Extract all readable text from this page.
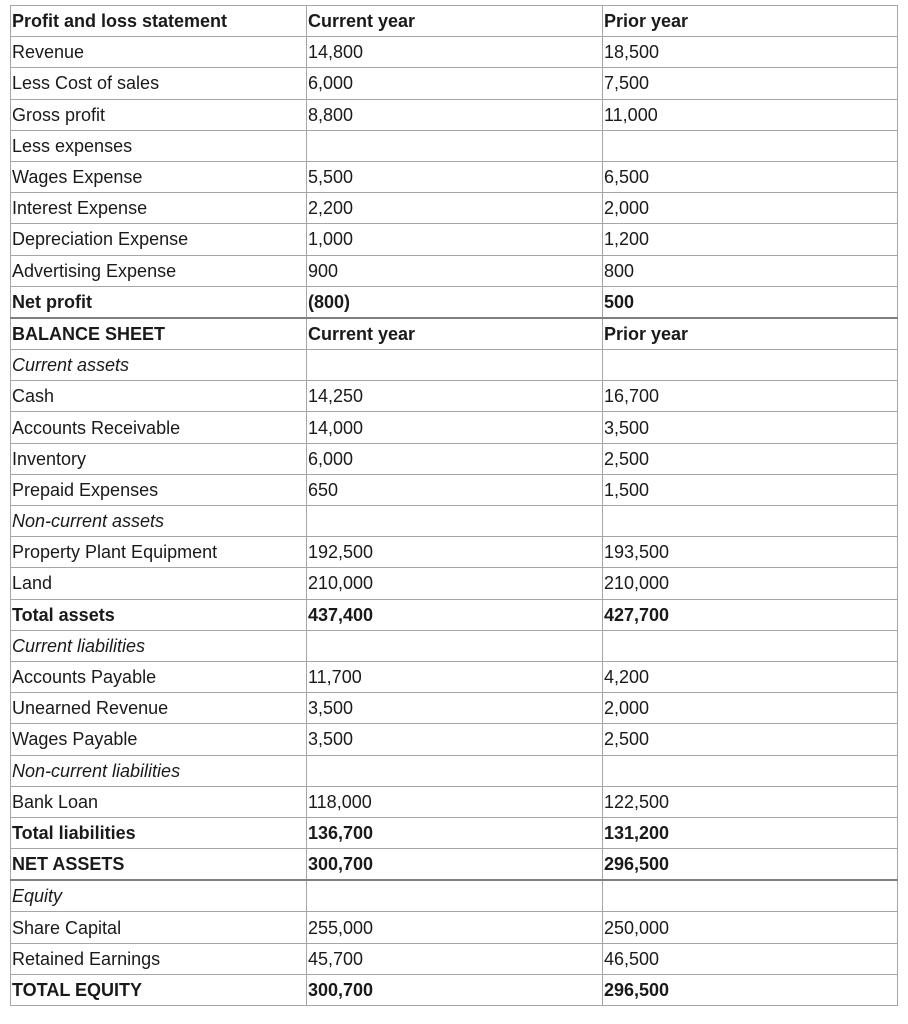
Profit and loss statement	Current year	Prior year
Revenue	14,800	18,500
Less Cost of sales	6,000	7,500
Gross profit	8,800	11,000
Less expenses		
Wages Expense	5,500	6,500
Interest Expense	2,200	2,000
Depreciation Expense	1,000	1,200
Advertising Expense	900	800
Net profit	(800)	500
BALANCE SHEET	Current year	Prior year
Current assets		
Cash	14,250	16,700
Accounts Receivable	14,000	3,500
Inventory	6,000	2,500
Prepaid Expenses	650	1,500
Non-current assets		
Property Plant Equipment	192,500	193,500
Land	210,000	210,000
Total assets	437,400	427,700
Current liabilities		
Accounts Payable	11,700	4,200
Unearned Revenue	3,500	2,000
Wages Payable	3,500	2,500
Non-current liabilities		
Bank Loan	118,000	122,500
Total liabilities	136,700	131,200
NET ASSETS	300,700	296,500
Equity		
Share Capital	255,000	250,000
Retained Earnings	45,700	46,500
TOTAL EQUITY	300,700	296,500
